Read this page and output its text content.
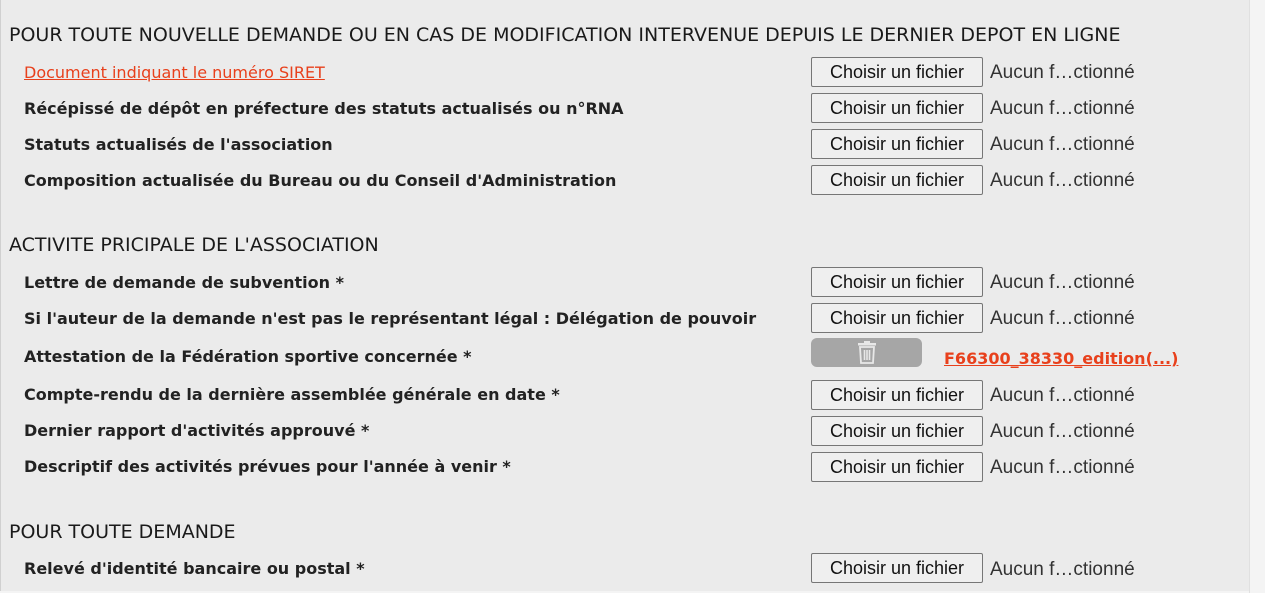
POUR TOUTE NOUVELLE DEMANDE OU EN CAS DE MODIFICATION INTERVENUE DEPUIS LE DERNIER DEPOT EN LIGNE
Document indiquant le numéro SIRET	Choisir un fichier	Aucun f…ctionné
Récépissé de dépôt en préfecture des statuts actualisés ou n°RNA	Choisir un fichier	Aucun f…ctionné
Statuts actualisés de l'association	Choisir un fichier	Aucun f…ctionné
Composition actualisée du Bureau ou du Conseil d'Administration	Choisir un fichier	Aucun f…ctionné
ACTIVITE PRICIPALE DE L'ASSOCIATION
Lettre de demande de subvention *	Choisir un fichier	Aucun f…ctionné
Si l'auteur de la demande n'est pas le représentant légal : Délégation de pouvoir	Choisir un fichier	Aucun f…ctionné
Attestation de la Fédération sportive concernée *	F66300_38330_edition(...)
Compte-rendu de la dernière assemblée générale en date *	Choisir un fichier	Aucun f…ctionné
Dernier rapport d'activités approuvé *	Choisir un fichier	Aucun f…ctionné
Descriptif des activités prévues pour l'année à venir *	Choisir un fichier	Aucun f…ctionné
POUR TOUTE DEMANDE
Relevé d'identité bancaire ou postal *	Choisir un fichier	Aucun f…ctionné
